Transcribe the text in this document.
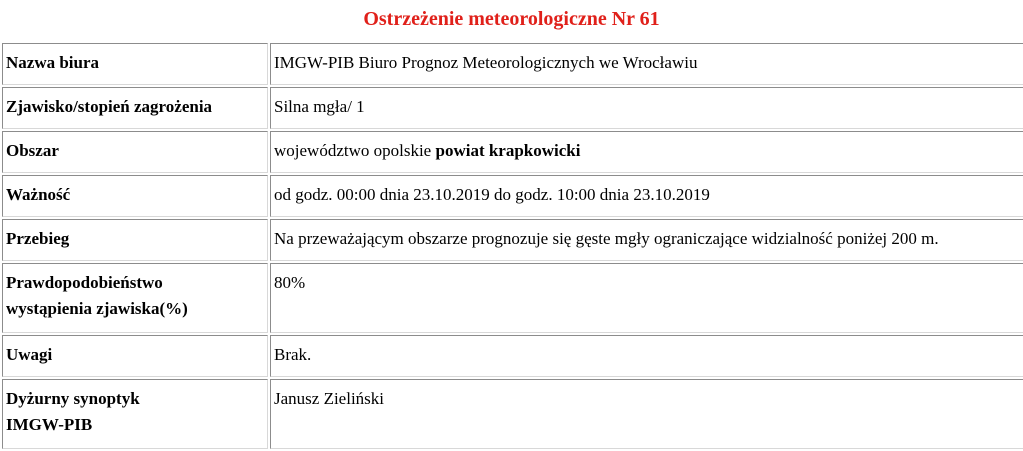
Ostrzeżenie meteorologiczne Nr 61
Nazwa biura	IMGW-PIB Biuro Prognoz Meteorologicznych we Wrocławiu
Zjawisko/stopień zagrożenia	Silna mgła/ 1
Obszar	województwo opolskie powiat krapkowicki
Ważność	od godz. 00:00 dnia 23.10.2019 do godz. 10:00 dnia 23.10.2019
Przebieg	Na przeważającym obszarze prognozuje się gęste mgły ograniczające widzialność poniżej 200 m.
Prawdopodobieństwo
wystąpienia zjawiska(%)	80%
Uwagi	Brak.
Dyżurny synoptyk
IMGW-PIB	Janusz Zieliński
